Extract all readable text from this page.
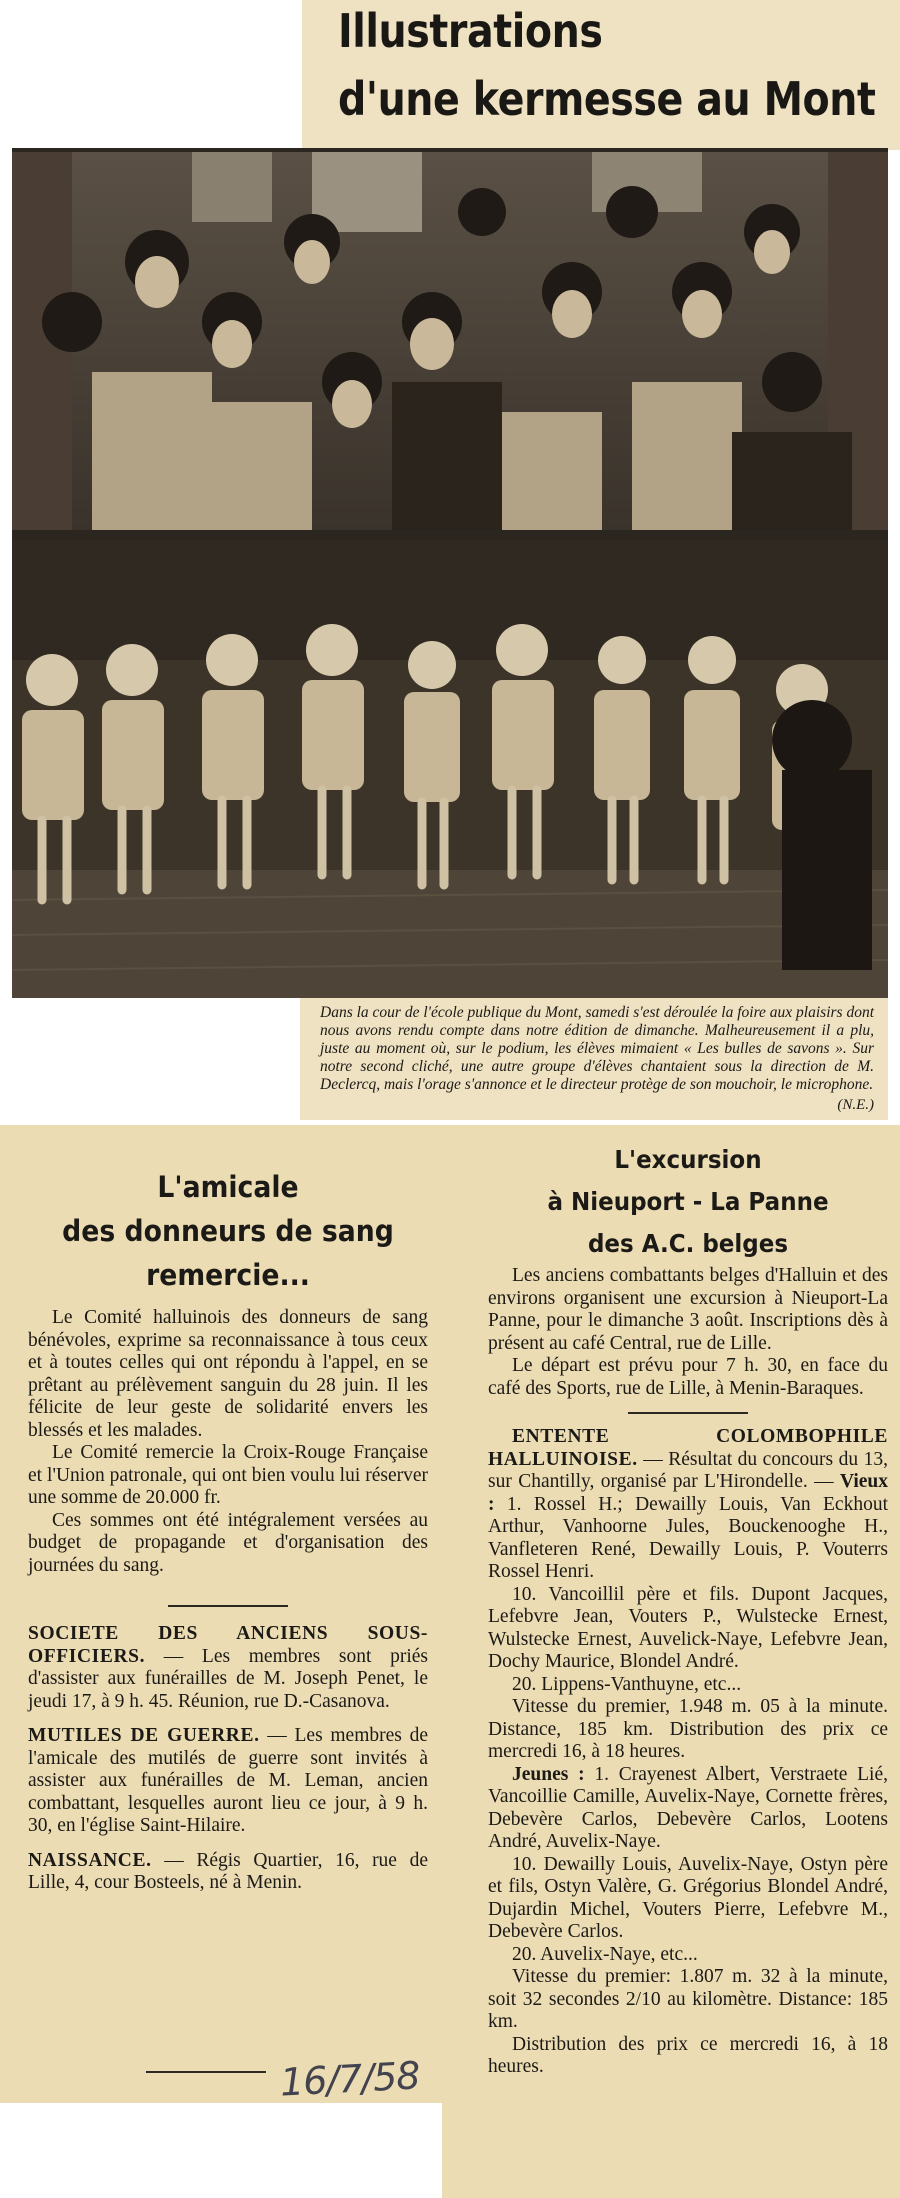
Illustrations
d'une kermesse au Mont
Dans la cour de l'école publique du Mont, samedi s'est déroulée la foire aux plaisirs dont nous avons rendu compte dans notre édition de dimanche. Malheureusement il a plu, juste au moment où, sur le podium, les élèves mimaient « Les bulles de savons ». Sur notre second cliché, une autre groupe d'élèves chantaient sous la direction de M. Declercq, mais l'orage s'annonce et le directeur protège de son mouchoir, le microphone.
(N.E.)
L'amicale
des donneurs de sang
remercie...

Le Comité halluinois des donneurs de sang bénévoles, exprime sa reconnaissance à tous ceux et à toutes celles qui ont répondu à l'appel, en se prêtant au prélèvement sanguin du 28 juin. Il les félicite de leur geste de solidarité envers les blessés et les malades.

Le Comité remercie la Croix-Rouge Française et l'Union patronale, qui ont bien voulu lui réserver une somme de 20.000 fr.

Ces sommes ont été intégralement versées au budget de propagande et d'organisation des journées du sang.

SOCIETE DES ANCIENS SOUS-OFFICIERS. — Les membres sont priés d'assister aux funérailles de M. Joseph Penet, le jeudi 17, à 9 h. 45. Réunion, rue D.-Casanova.

MUTILES DE GUERRE. — Les membres de l'amicale des mutilés de guerre sont invités à assister aux funérailles de M. Leman, ancien combattant, lesquelles auront lieu ce jour, à 9 h. 30, en l'église Saint-Hilaire.

NAISSANCE. — Régis Quartier, 16, rue de Lille, 4, cour Bosteels, né à Menin.

16/7/58
L'excursion
à Nieuport - La Panne
des A.C. belges

Les anciens combattants belges d'Halluin et des environs organisent une excursion à Nieuport-La Panne, pour le dimanche 3 août. Inscriptions dès à présent au café Central, rue de Lille.

Le départ est prévu pour 7 h. 30, en face du café des Sports, rue de Lille, à Menin-Baraques.

ENTENTE COLOMBOPHILE HALLUINOISE. — Résultat du concours du 13, sur Chantilly, organisé par L'Hirondelle. — Vieux : 1. Rossel H.; Dewailly Louis, Van Eckhout Arthur, Vanhoorne Jules, Bouckenooghe H., Vanfleteren René, Dewailly Louis, P. Vouterrs Rossel Henri.

10. Vancoillil père et fils. Dupont Jacques, Lefebvre Jean, Vouters P., Wulstecke Ernest, Wulstecke Ernest, Auvelick-Naye, Lefebvre Jean, Dochy Maurice, Blondel André.

20. Lippens-Vanthuyne, etc...

Vitesse du premier, 1.948 m. 05 à la minute. Distance, 185 km. Distribution des prix ce mercredi 16, à 18 heures.

Jeunes : 1. Crayenest Albert, Verstraete Lié, Vancoillie Camille, Auvelix-Naye, Cornette frères, Debevère Carlos, Debevère Carlos, Lootens André, Auvelix-Naye.

10. Dewailly Louis, Auvelix-Naye, Ostyn père et fils, Ostyn Valère, G. Grégorius Blondel André, Dujardin Michel, Vouters Pierre, Lefebvre M., Debevère Carlos.

20. Auvelix-Naye, etc...

Vitesse du premier: 1.807 m. 32 à la minute, soit 32 secondes 2/10 au kilomètre. Distance: 185 km.

Distribution des prix ce mercredi 16, à 18 heures.
